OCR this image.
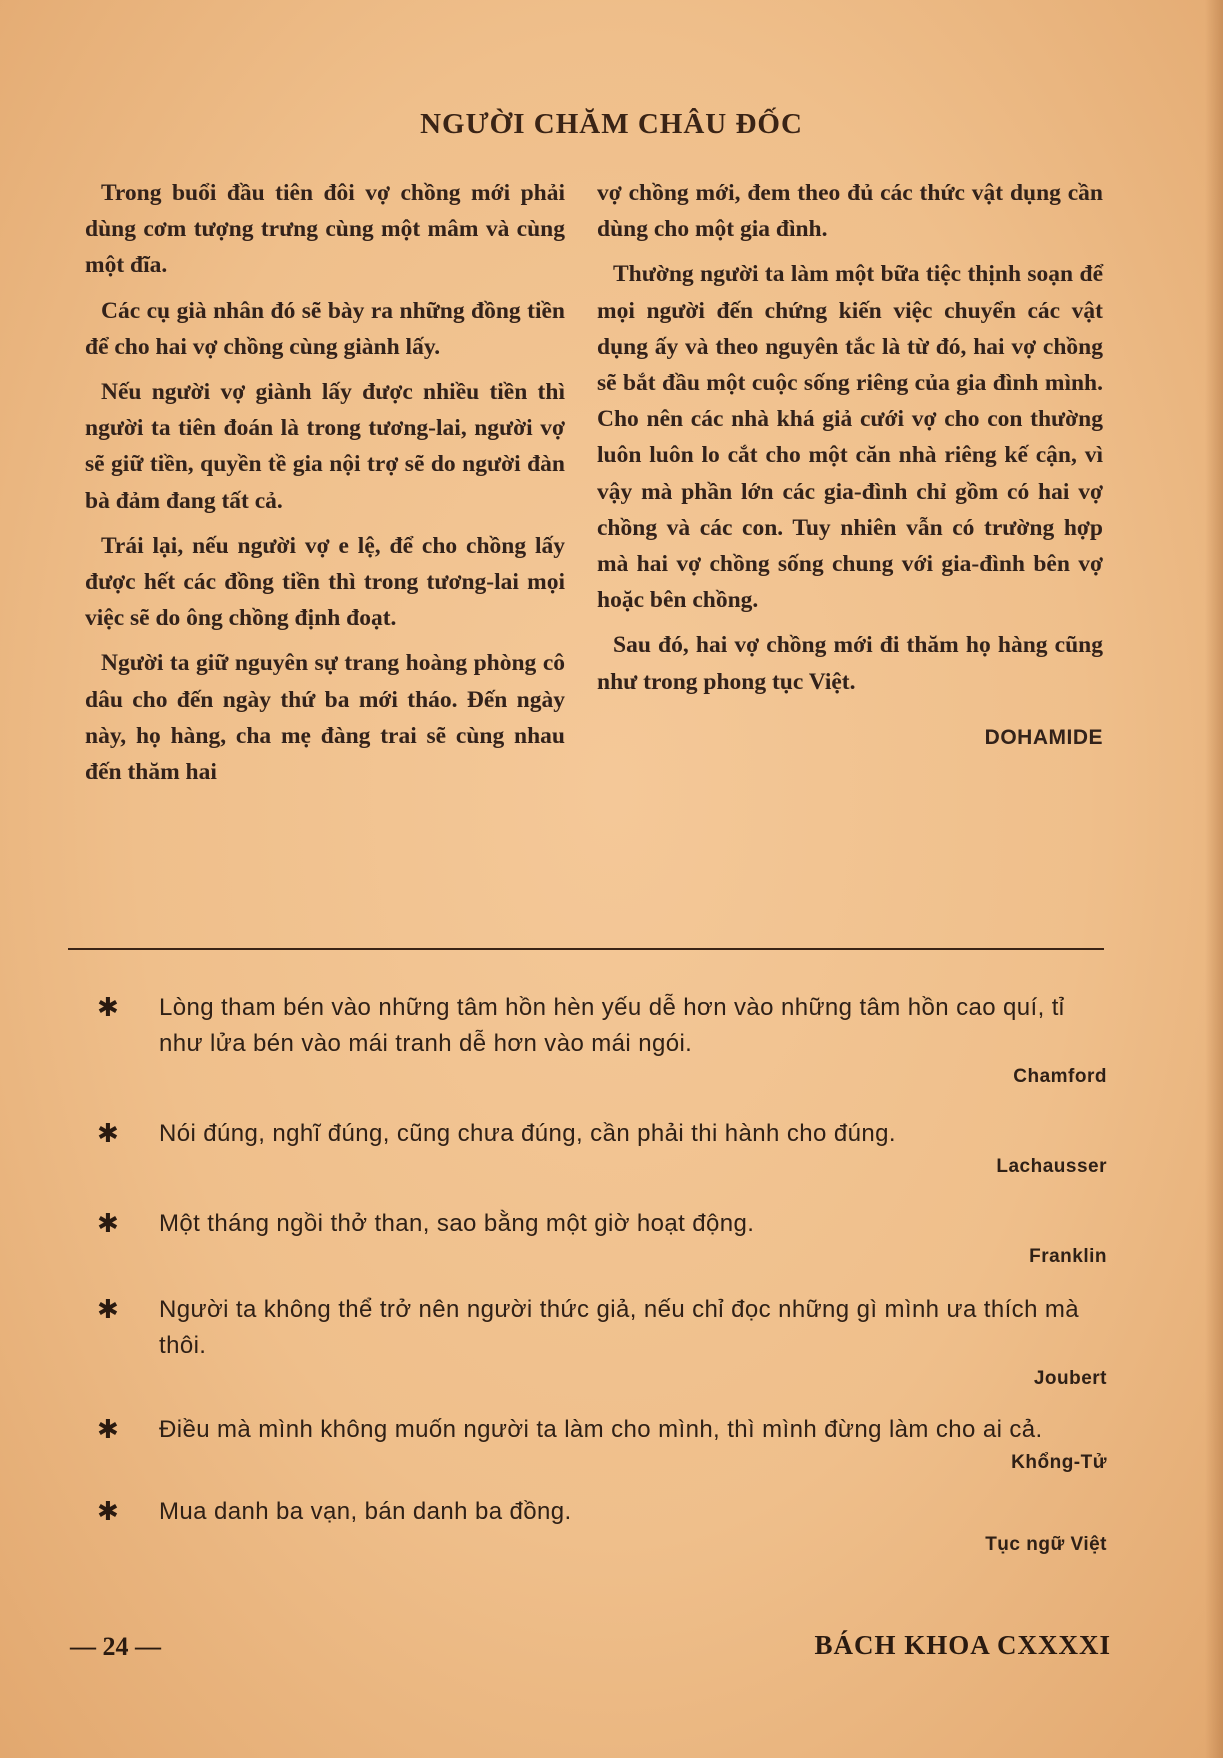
NGƯỜI CHĂM CHÂU ĐỐC

Trong buổi đầu tiên đôi vợ chồng mới phải dùng cơm tượng trưng cùng một mâm và cùng một đĩa.

Các cụ già nhân đó sẽ bày ra những đồng tiền để cho hai vợ chồng cùng giành lấy.

Nếu người vợ giành lấy được nhiều tiền thì người ta tiên đoán là trong tương-lai, người vợ sẽ giữ tiền, quyền tề gia nội trợ sẽ do người đàn bà đảm đang tất cả.

Trái lại, nếu người vợ e lệ, để cho chồng lấy được hết các đồng tiền thì trong tương-lai mọi việc sẽ do ông chồng định đoạt.

Người ta giữ nguyên sự trang hoàng phòng cô dâu cho đến ngày thứ ba mới tháo. Đến ngày này, họ hàng, cha mẹ đàng trai sẽ cùng nhau đến thăm hai

vợ chồng mới, đem theo đủ các thức vật dụng cần dùng cho một gia đình.

Thường người ta làm một bữa tiệc thịnh soạn để mọi người đến chứng kiến việc chuyển các vật dụng ấy và theo nguyên tắc là từ đó, hai vợ chồng sẽ bắt đầu một cuộc sống riêng của gia đình mình. Cho nên các nhà khá giả cưới vợ cho con thường luôn luôn lo cắt cho một căn nhà riêng kế cận, vì vậy mà phần lớn các gia-đình chỉ gồm có hai vợ chồng và các con. Tuy nhiên vẫn có trường hợp mà hai vợ chồng sống chung với gia-đình bên vợ hoặc bên chồng.

Sau đó, hai vợ chồng mới đi thăm họ hàng cũng như trong phong tục Việt.

DOHAMIDE
✱ Lòng tham bén vào những tâm hồn hèn yếu dễ hơn vào những tâm hồn cao quí, tỉ như lửa bén vào mái tranh dễ hơn vào mái ngói.
Chamford
✱ Nói đúng, nghĩ đúng, cũng chưa đúng, cần phải thi hành cho đúng.
Lachausser
✱ Một tháng ngồi thở than, sao bằng một giờ hoạt động.
Franklin
✱ Người ta không thể trở nên người thức giả, nếu chỉ đọc những gì mình ưa thích mà thôi.
Joubert
✱ Điều mà mình không muốn người ta làm cho mình, thì mình đừng làm cho ai cả.
Khổng-Tử
✱ Mua danh ba vạn, bán danh ba đồng.
Tục ngữ Việt
— 24 —	BÁCH KHOA CXXXXI
